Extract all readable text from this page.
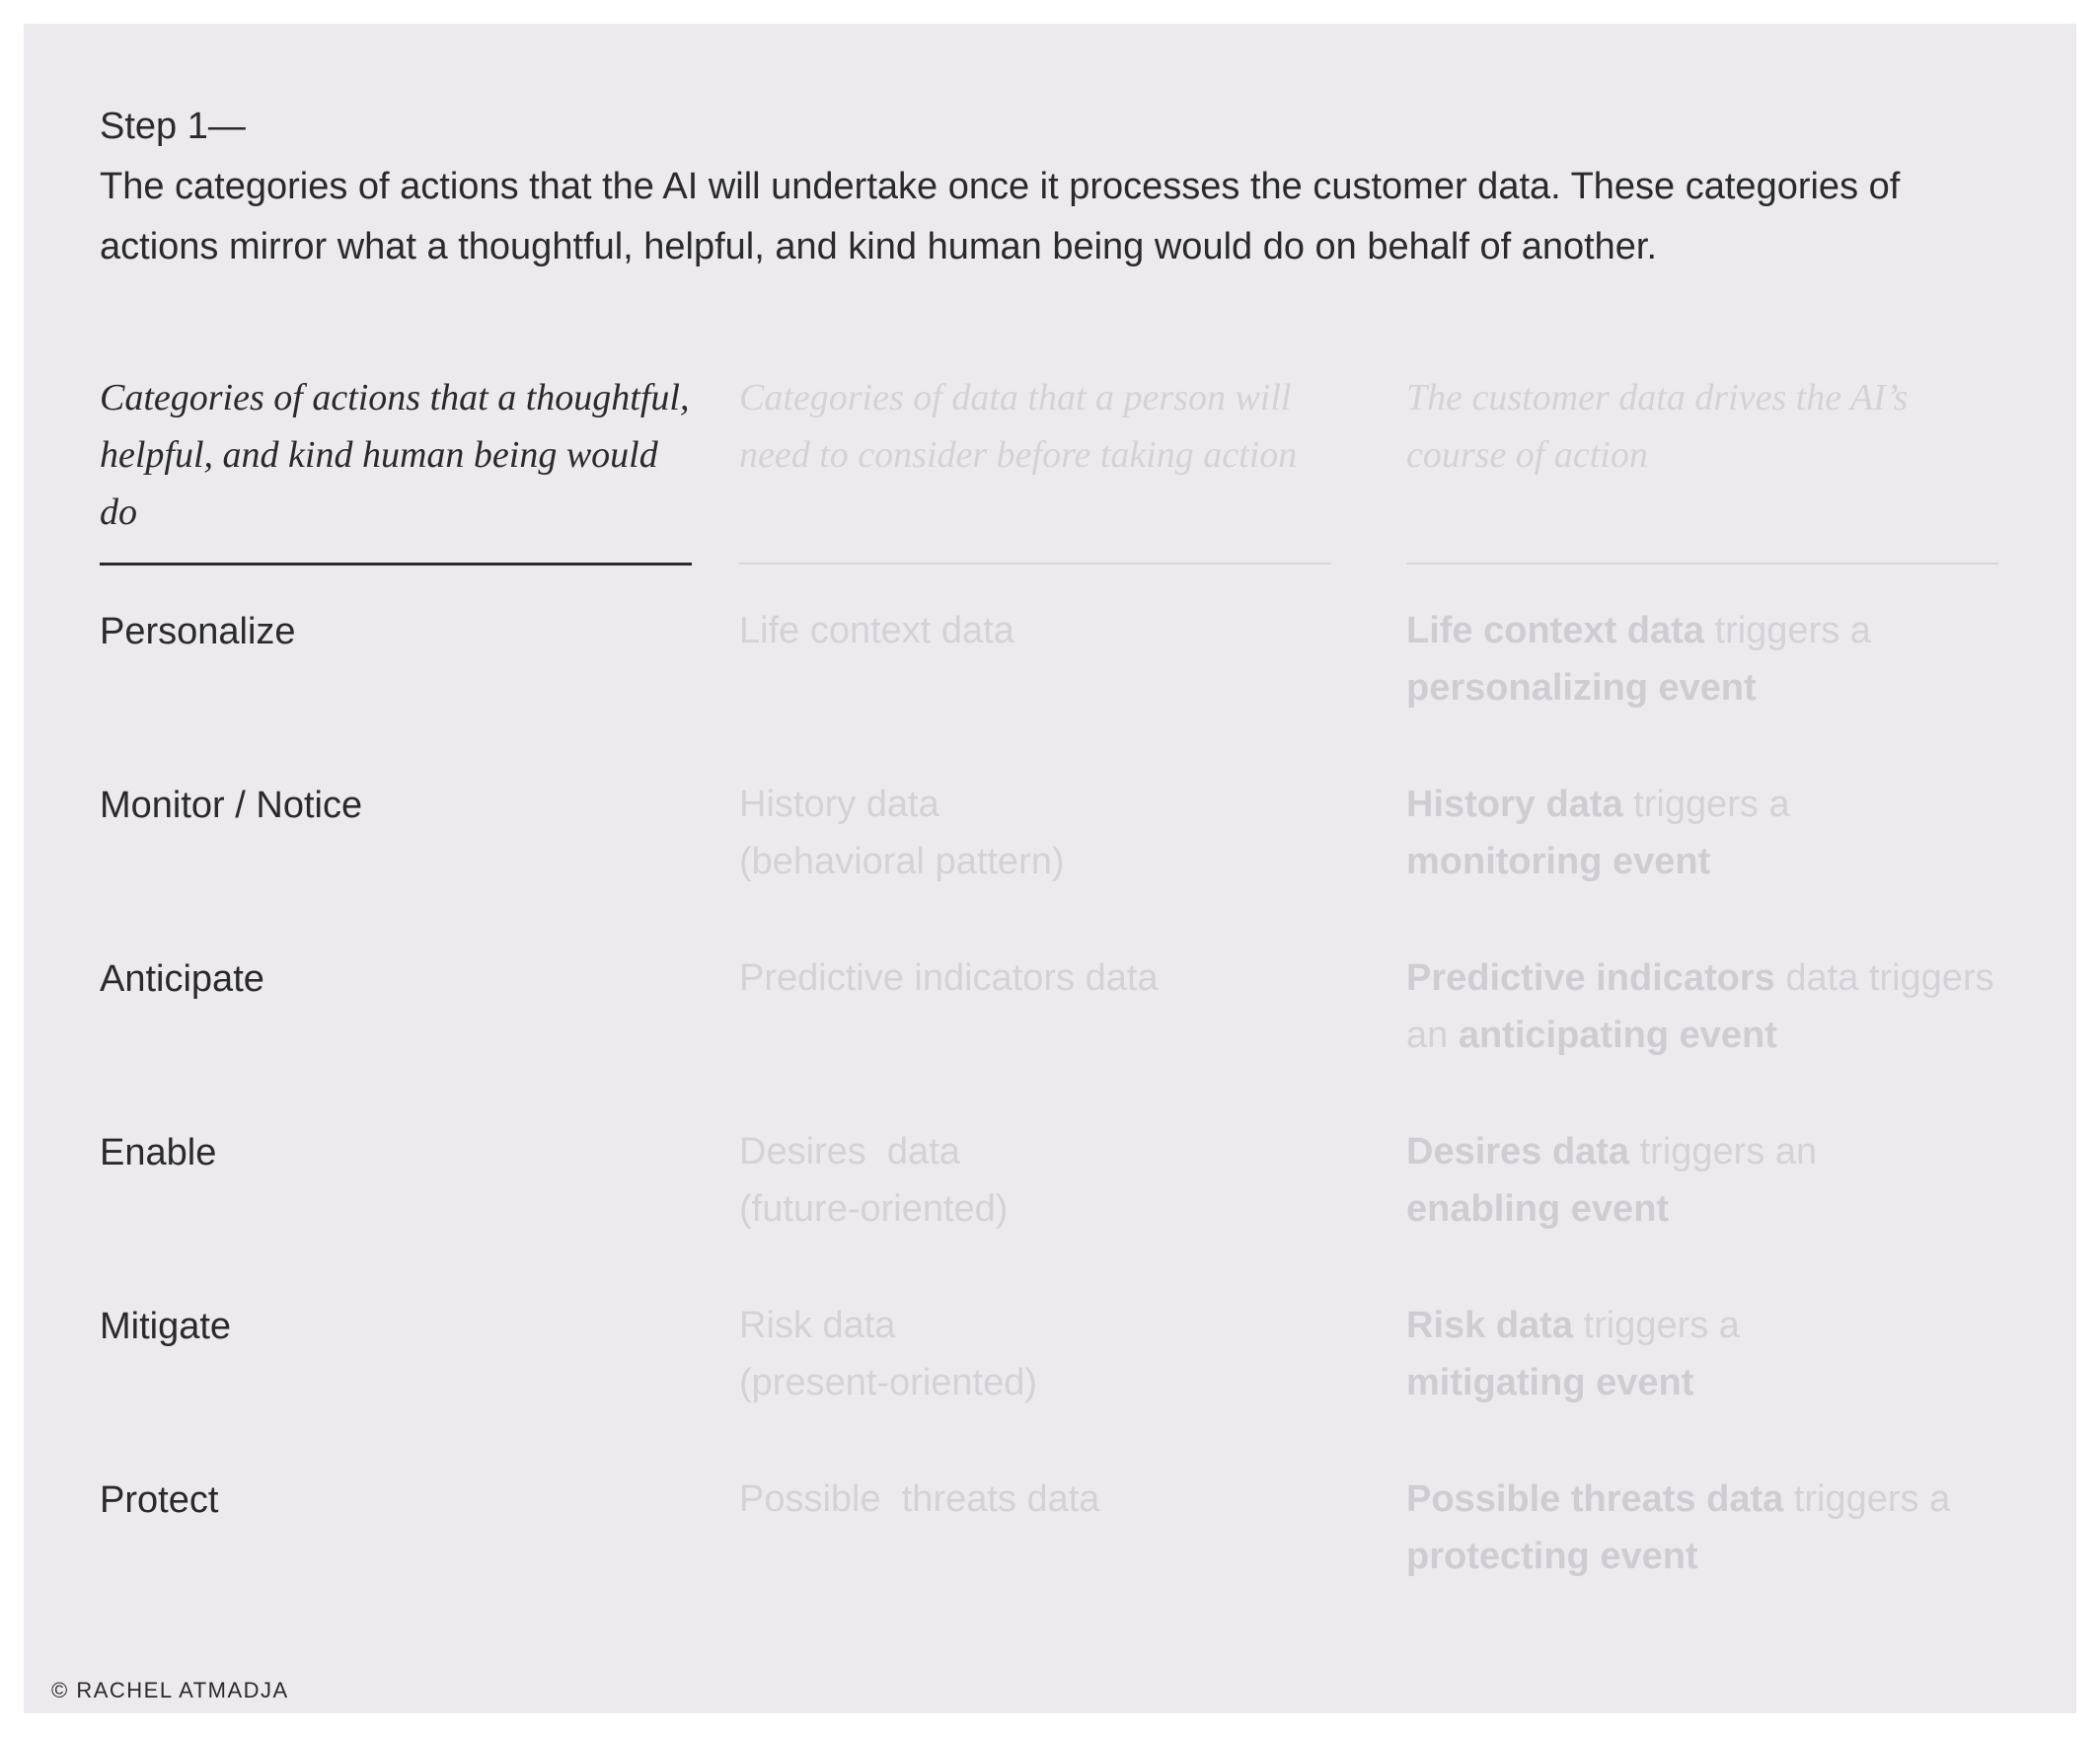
Step 1—
The categories of actions that the AI will undertake once it processes the customer data. These categories of actions mirror what a thoughtful, helpful, and kind human being would do on behalf of another.
Categories of actions that a thoughtful, helpful, and kind human being would do
Personalize
Monitor / Notice
Anticipate
Enable
Mitigate
Protect
Categories of data that a person will need to consider before taking action
Life context data
History data
(behavioral pattern)
Predictive indicators data
Desires  data
(future-oriented)
Risk data
(present-oriented)
Possible  threats data
The customer data drives the AI’s course of action
Life context data triggers a
personalizing event
History data triggers a
monitoring event
Predictive indicators data triggers
an anticipating event
Desires data triggers an
enabling event
Risk data triggers a
mitigating event
Possible threats data triggers a
protecting event
© RACHEL ATMADJA
